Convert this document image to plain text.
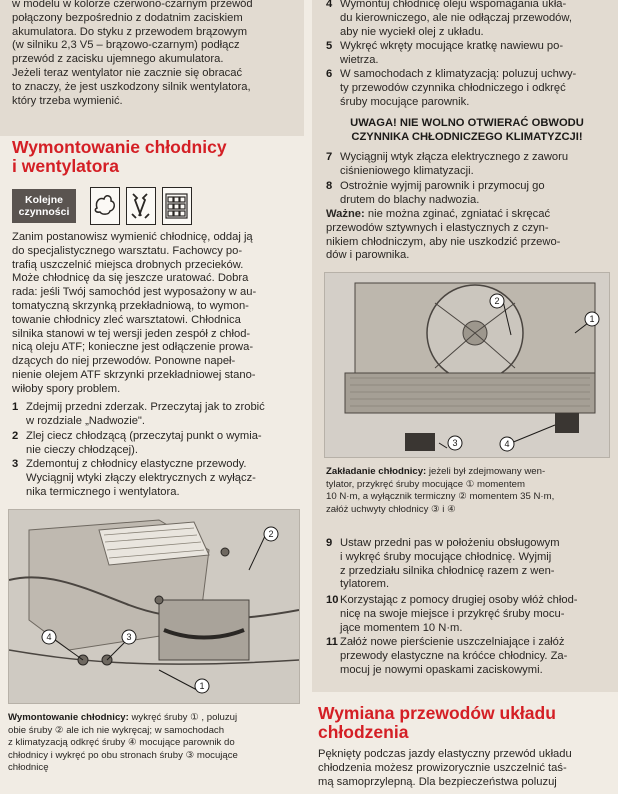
w modelu w kolorze czerwono-czarnym przewód
połączony bezpośrednio z dodatnim zaciskiem
akumulatora. Do styku z przewodem brązowym
(w silniku 2,3 V5 – brązowo-czarnym) podłącz
przewód z zacisku ujemnego akumulatora.
Jeżeli teraz wentylator nie zacznie się obracać
to znaczy, że jest uszkodzony silnik wentylatora,
który trzeba wymienić.
Wymontowanie chłodnicy
i wentylatora
Kolejne
czynności
Zanim postanowisz wymienić chłodnicę, oddaj ją
do specjalistycznego warsztatu. Fachowcy po-
trafią uszczelnić miejsca drobnych przecieków.
Może chłodnicę da się jeszcze uratować. Dobra
rada: jeśli Twój samochód jest wyposażony w au-
tomatyczną skrzynką przekładniową, to wymon-
towanie chłodnicy zleć warsztatowi. Chłodnica
silnika stanowi w tej wersji jeden zespół z chłod-
nicą oleju ATF; konieczne jest odłączenie prowa-
dzących do niej przewodów. Ponowne napeł-
nienie olejem ATF skrzynki przekładniowej stano-
wiłoby spory problem.
1 Zdejmij przedni zderzak. Przeczytaj jak to zrobić
w rozdziale „Nadwozie".
2 Zlej ciecz chłodzącą (przeczytaj punkt o wymia-
nie cieczy chłodzącej).
3 Zdemontuj z chłodnicy elastyczne przewody.
Wyciągnij wtyki złączy elektrycznych z wyłącz-
nika termicznego i wentylatora.
1
2
3
4
Wymontowanie chłodnicy: wykręć śruby ① , poluzuj
obie śruby ② ale ich nie wykręcaj; w samochodach
z klimatyzacją odkręć śruby ④ mocujące parownik do
chłodnicy i wykręć po obu stronach śruby ③ mocujące
chłodnicę
4 Wymontuj chłodnicę oleju wspomagania ukła-
du kierowniczego, ale nie odłączaj przewodów,
aby nie wyciekł olej z układu.
5 Wykręć wkręty mocujące kratkę nawiewu po-
wietrza.
6 W samochodach z klimatyzacją: poluzuj uchwy-
ty przewodów czynnika chłodniczego i odkręć
śruby mocujące parownik.
UWAGA! NIE WOLNO OTWIERAĆ OBWODU
CZYNNIKA CHŁODNICZEGO KLIMATYZCJI!
7 Wyciągnij wtyk złącza elektrycznego z zaworu
ciśnieniowego klimatyzacji.
8 Ostrożnie wyjmij parownik i przymocuj go
drutem do blachy nadwozia.
Ważne: nie można zginać, zgniatać i skręcać
przewodów sztywnych i elastycznych z czyn-
nikiem chłodniczym, aby nie uszkodzić przewo-
dów i parownika.
1
2
3	4
Zakładanie chłodnicy: jeżeli był zdejmowany wen-
tylator, przykręć śruby mocujące ① momentem
10 N·m, a wyłącznik termiczny ② momentem 35 N·m,
załóż uchwyty chłodnicy ③ i ④
9 Ustaw przedni pas w położeniu obsługowym
i wykręć śruby mocujące chłodnicę. Wyjmij
z przedziału silnika chłodnicę razem z wen-
tylatorem.
10 Korzystając z pomocy drugiej osoby włóż chłod-
nicę na swoje miejsce i przykręć śruby mocu-
jące momentem 10 N·m.
11 Załóż nowe pierścienie uszczelniające i załóż
przewody elastyczne na króćce chłodnicy. Za-
mocuj je nowymi opaskami zaciskowymi.
Wymiana przewodów układu
chłodzenia
Pęknięty podczas jazdy elastyczny przewód układu
chłodzenia możesz prowizorycznie uszczelnić taś-
mą samoprzylepną. Dla bezpieczeństwa poluzuj
